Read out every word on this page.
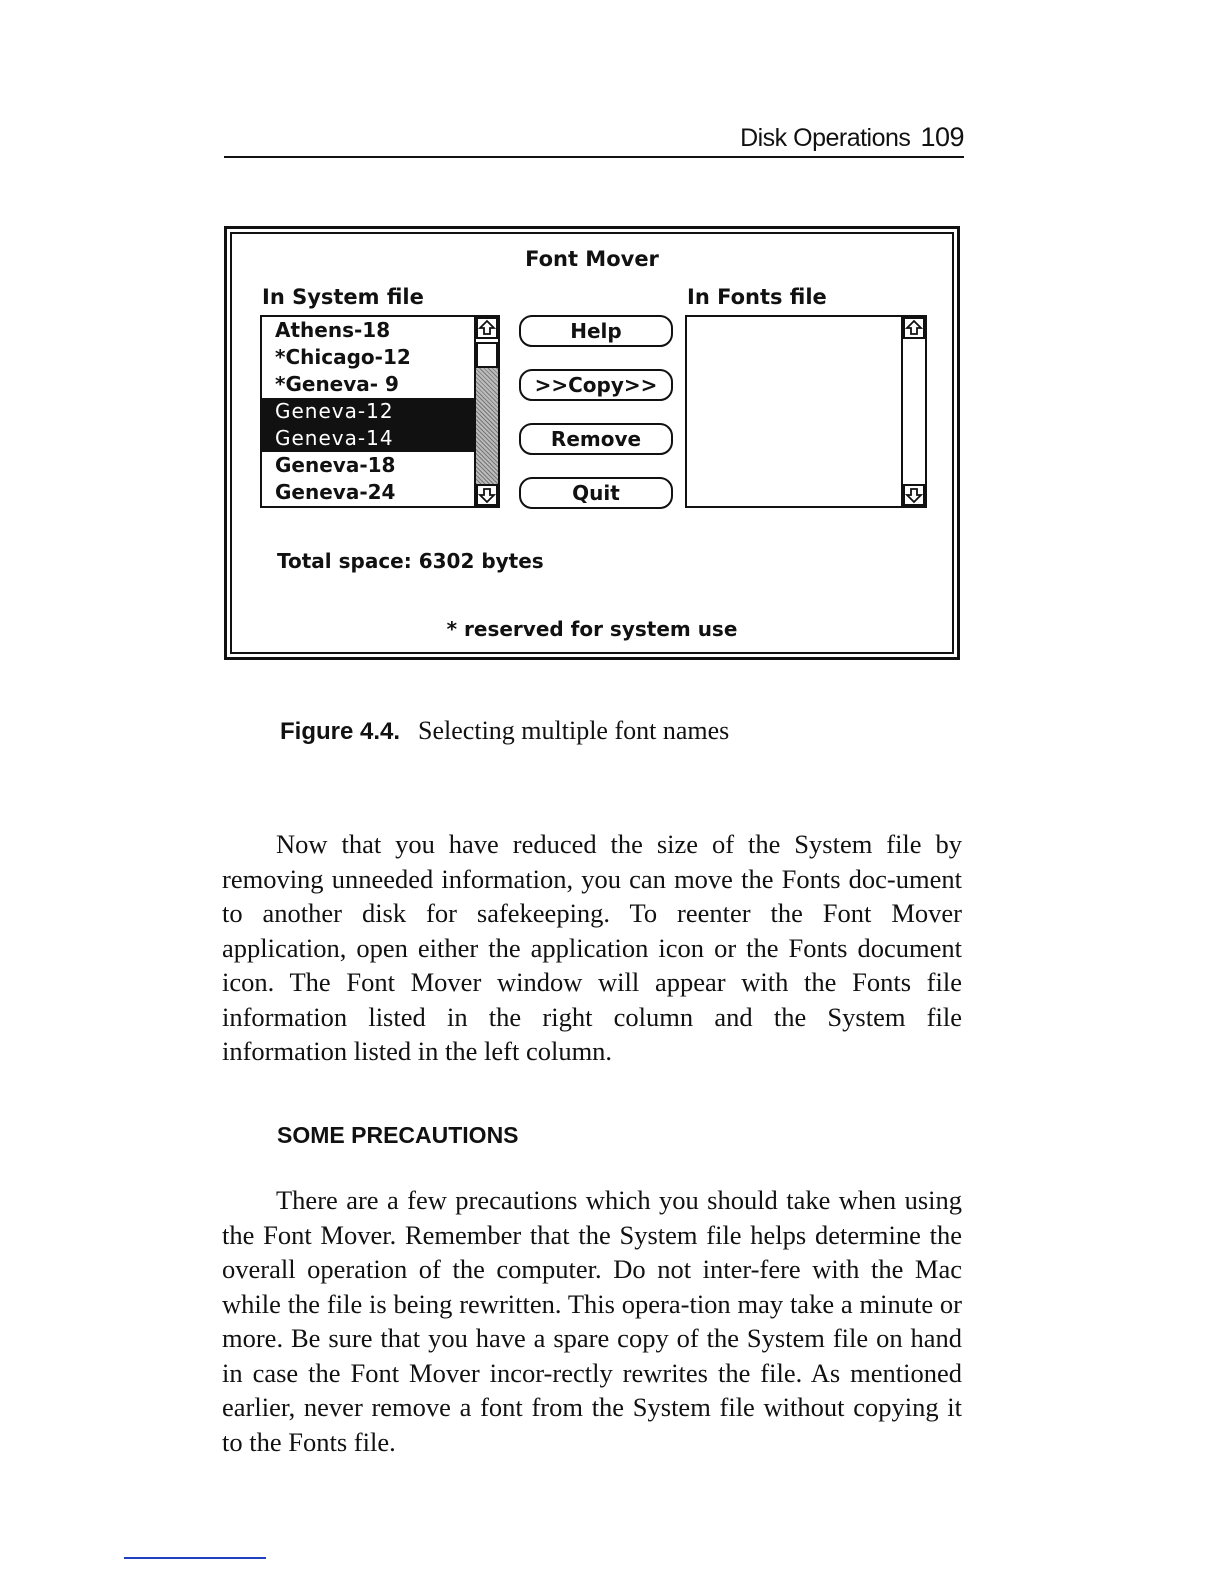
Disk Operations 109
Font Mover
In System file	In Fonts file
Athens-18
*Chicago-12
*Geneva- 9
Geneva-12
Geneva-14
Geneva-18
Geneva-24
Help
>>Copy>>
Remove
Quit
Total space: 6302 bytes
* reserved for system use
Figure 4.4. Selecting multiple font names

Now that you have reduced the size of the System file by removing unneeded information, you can move the Fonts doc-ument to another disk for safekeeping. To reenter the Font Mover application, open either the application icon or the Fonts document icon. The Font Mover window will appear with the Fonts file information listed in the right column and the System file information listed in the left column.

SOME PRECAUTIONS

There are a few precautions which you should take when using the Font Mover. Remember that the System file helps determine the overall operation of the computer. Do not inter-fere with the Mac while the file is being rewritten. This opera-tion may take a minute or more. Be sure that you have a spare copy of the System file on hand in case the Font Mover incor-rectly rewrites the file. As mentioned earlier, never remove a font from the System file without copying it to the Fonts file.
